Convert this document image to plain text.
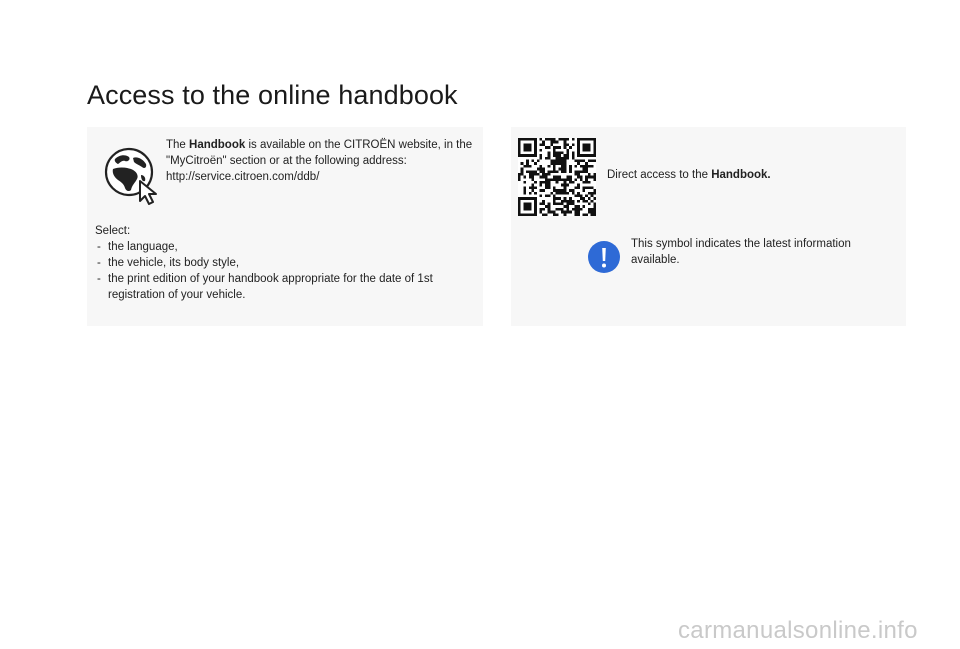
Access to the online handbook
The Handbook is available on the CITROËN website, in the "MyCitroën" section or at the following address: http://service.citroen.com/ddb/
Select:
- the language,
- the vehicle, its body style,
- the print edition of your handbook appropriate for the date of 1st registration of your vehicle.
Direct access to the Handbook.
This symbol indicates the latest information available.
carmanualsonline.info
